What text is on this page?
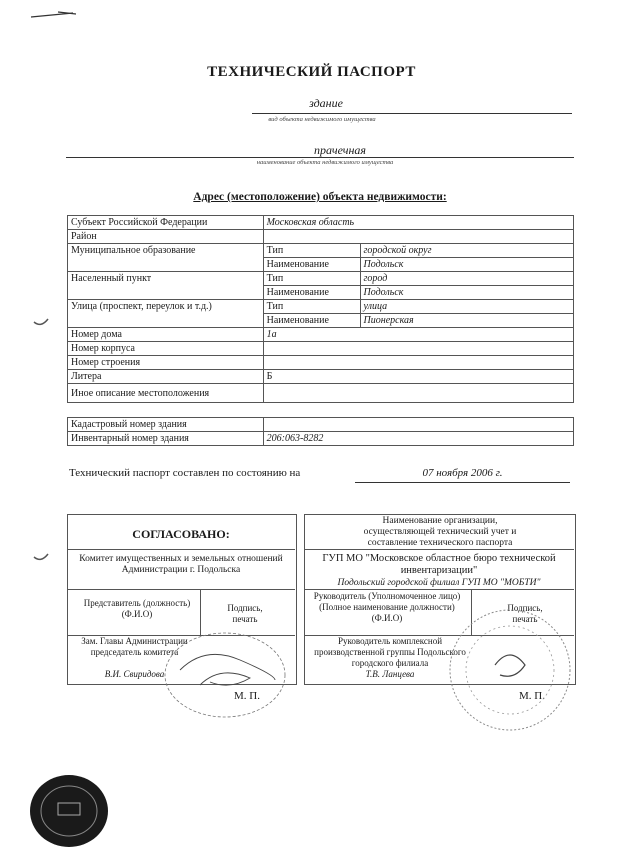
ТЕХНИЧЕСКИЙ ПАСПОРТ
здание
вид объекта недвижимого имущества
прачечная
наименование объекта недвижимого имущества
Адрес (местоположение) объекта недвижимости:
Субъект Российской Федерации	Московская область	
Район		
Муниципальное образование	Тип	городской округ
	Наименование	Подольск
Населенный пункт	Тип	город
	Наименование	Подольск
Улица (проспект, переулок и т.д.)	Тип	улица
	Наименование	Пионерская
Номер дома	1а	
Номер корпуса		
Номер строения		
Литера	Б	
Иное описание местоположения		
Кадастровый номер здания	
Инвентарный номер здания	206:063-8282
Технический паспорт составлен по состоянию на	07 ноября 2006 г.
СОГЛАСОВАНО:
Комитет имущественных и земельных отношений Администрации г. Подольска
Представитель (должность) (Ф.И.О)
Подпись, печать
Зам. Главы Администрации председатель комитета
В.И. Свиридова
М. П.
Наименование организации, осуществляющей технический учет и составление технического паспорта
ГУП МО "Московское областное бюро технической инвентаризации"
Подольский городской филиал ГУП МО "МОБТИ"
Руководитель (Уполномоченное лицо) (Полное наименование должности) (Ф.И.О)
Подпись, печать
Руководитель комплексной производственной группы Подольского городского филиала
Т.В. Ланцева
М. П.
